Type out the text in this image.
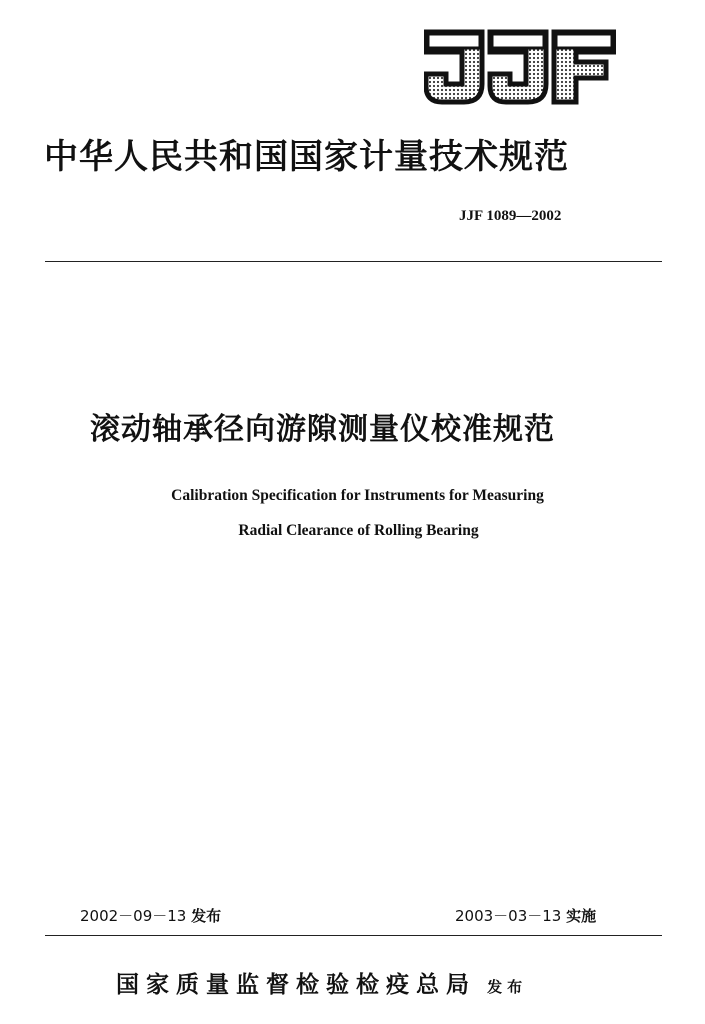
中华人民共和国国家计量技术规范
JJF 1089—2002
滚动轴承径向游隙测量仪校准规范
Calibration Specification for Instruments for Measuring
Radial Clearance of Rolling Bearing
2002－09－13 发布	2003－03－13 实施
国家质量监督检验检疫总局 发布
